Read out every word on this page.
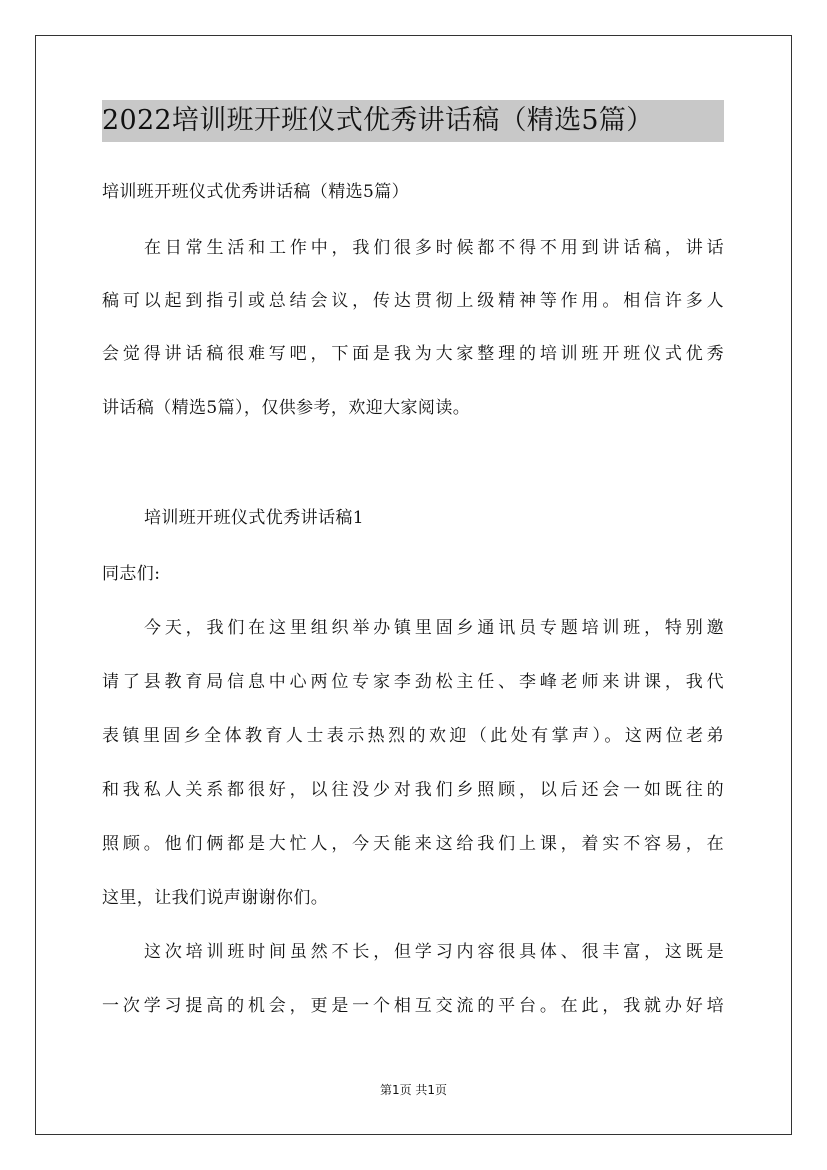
2022培训班开班仪式优秀讲话稿（精选5篇）
培训班开班仪式优秀讲话稿（精选5篇）
在日常生活和工作中，我们很多时候都不得不用到讲话稿，讲话
稿可以起到指引或总结会议，传达贯彻上级精神等作用。相信许多人
会觉得讲话稿很难写吧，下面是我为大家整理的培训班开班仪式优秀
讲话稿（精选5篇），仅供参考，欢迎大家阅读。
培训班开班仪式优秀讲话稿1
同志们:
今天，我们在这里组织举办镇里固乡通讯员专题培训班，特别邀
请了县教育局信息中心两位专家李劲松主任、李峰老师来讲课，我代
表镇里固乡全体教育人士表示热烈的欢迎（此处有掌声）。这两位老弟
和我私人关系都很好，以往没少对我们乡照顾，以后还会一如既往的
照顾。他们俩都是大忙人，今天能来这给我们上课，着实不容易，在
这里，让我们说声谢谢你们。
这次培训班时间虽然不长，但学习内容很具体、很丰富，这既是
一次学习提高的机会，更是一个相互交流的平台。在此，我就办好培
第1页 共1页
